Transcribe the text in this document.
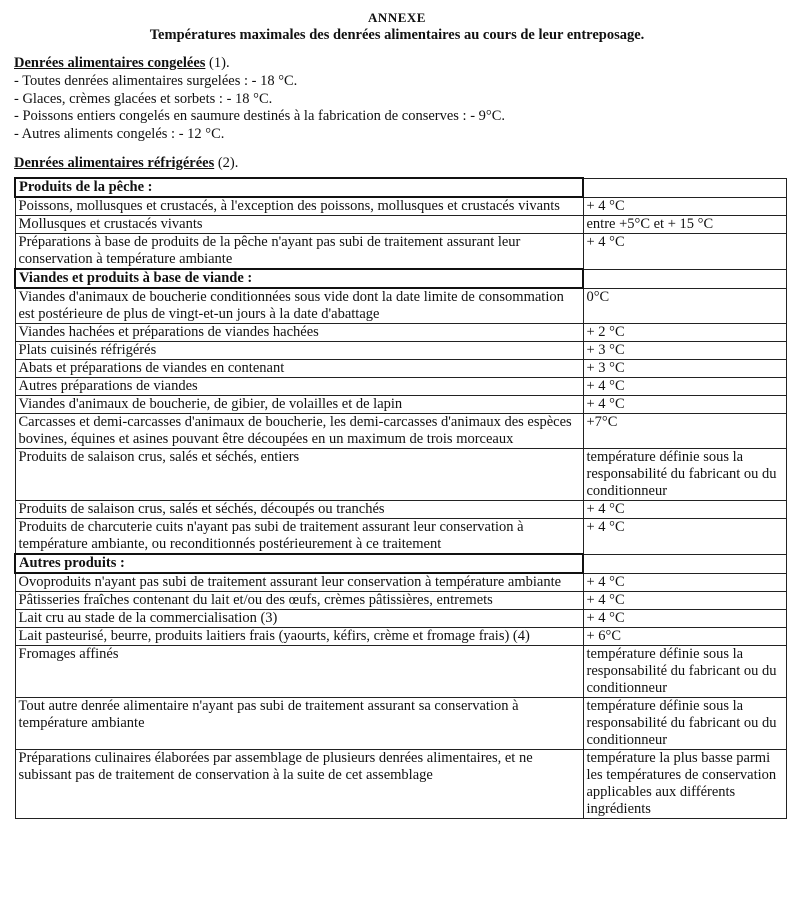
ANNEXE
Températures maximales des denrées alimentaires au cours de leur entreposage.
Denrées alimentaires congelées (1).
- Toutes denrées alimentaires surgelées : - 18 °C.
- Glaces, crèmes glacées et sorbets : - 18 °C.
- Poissons entiers congelés en saumure destinés à la fabrication de conserves : - 9°C.
- Autres aliments congelés : - 12 °C.
Denrées alimentaires réfrigérées (2).
Produits de la pêche :	
Poissons, mollusques et crustacés, à l'exception des poissons, mollusques et crustacés vivants	+ 4 °C
Mollusques et crustacés vivants	entre +5°C et + 15 °C
Préparations à base de produits de la pêche n'ayant pas subi de traitement assurant leur conservation à température ambiante	+ 4 °C
Viandes et produits à base de viande :	
Viandes d'animaux de boucherie conditionnées sous vide dont la date limite de consommation est postérieure de plus de vingt-et-un jours à la date d'abattage	0°C
Viandes hachées et préparations de viandes hachées	+ 2 °C
Plats cuisinés réfrigérés	+ 3 °C
Abats et préparations de viandes en contenant	+ 3 °C
Autres préparations de viandes	+ 4 °C
Viandes d'animaux de boucherie, de gibier, de volailles et de lapin	+ 4 °C
Carcasses et demi-carcasses d'animaux de boucherie, les demi-carcasses d'animaux des espèces bovines, équines et asines pouvant être découpées en un maximum de trois morceaux	+7°C
Produits de salaison crus, salés et séchés, entiers	température définie sous la responsabilité du fabricant ou du conditionneur
Produits de salaison crus, salés et séchés, découpés ou tranchés	+ 4 °C
Produits de charcuterie cuits n'ayant pas subi de traitement assurant leur conservation à température ambiante, ou reconditionnés postérieurement à ce traitement	+ 4 °C
Autres produits :	
Ovoproduits n'ayant pas subi de traitement assurant leur conservation à température ambiante	+ 4 °C
Pâtisseries fraîches contenant du lait et/ou des œufs, crèmes pâtissières, entremets	+ 4 °C
Lait cru au stade de la commercialisation (3)	+ 4 °C
Lait pasteurisé, beurre, produits laitiers frais (yaourts, kéfirs, crème et fromage frais) (4)	+ 6°C
Fromages affinés	température définie sous la responsabilité du fabricant ou du conditionneur
Tout autre denrée alimentaire n'ayant pas subi de traitement assurant sa conservation à température ambiante	température définie sous la responsabilité du fabricant ou du conditionneur
Préparations culinaires élaborées par assemblage de plusieurs denrées alimentaires, et ne subissant pas de traitement de conservation à la suite de cet assemblage	température la plus basse parmi les températures de conservation applicables aux différents ingrédients
